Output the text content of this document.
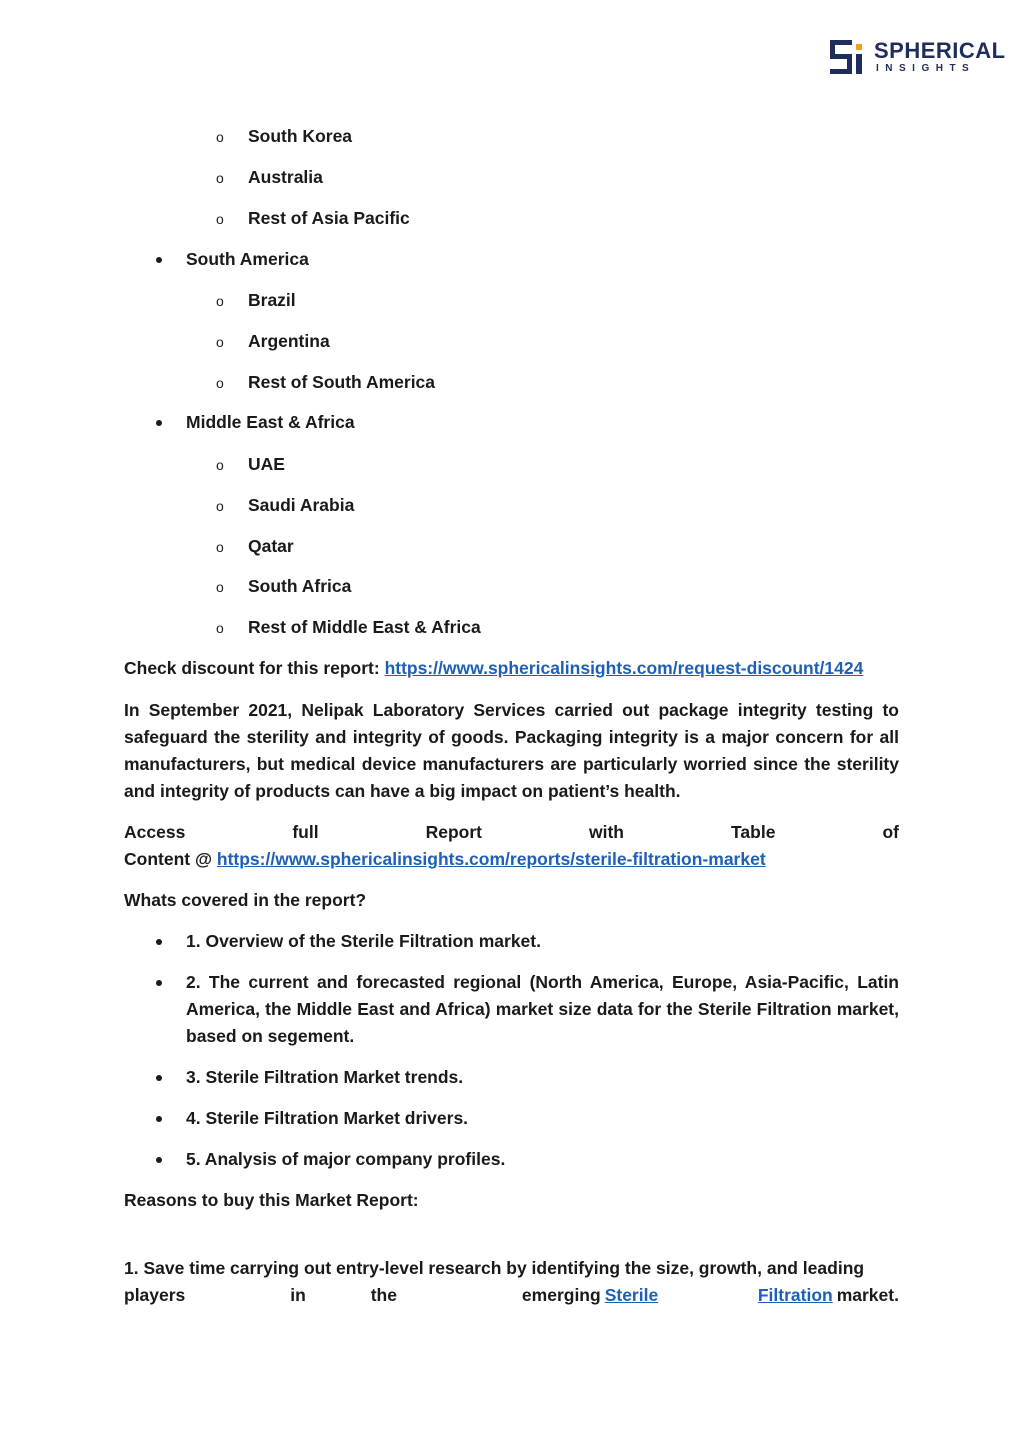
SPHERICAL
INSIGHTS
o South Korea
o Australia
o Rest of Asia Pacific
South America
o Brazil
o Argentina
o Rest of South America
Middle East & Africa
o UAE
o Saudi Arabia
o Qatar
o South Africa
o Rest of Middle East & Africa
Check discount for this report: https://www.sphericalinsights.com/request-discount/1424
In September 2021, Nelipak Laboratory Services carried out package integrity testing to safeguard the sterility and integrity of goods. Packaging integrity is a major concern for all manufacturers, but medical device manufacturers are particularly worried since the sterility and integrity of products can have a big impact on patient’s health.
Access	full	Report	with	Table	of
Content @ https://www.sphericalinsights.com/reports/sterile-filtration-market
Whats covered in the report?
1. Overview of the Sterile Filtration market.
2. The current and forecasted regional (North America, Europe, Asia-Pacific, Latin America, the Middle East and Africa) market size data for the Sterile Filtration market, based on segement.
3. Sterile Filtration Market trends.
4. Sterile Filtration Market drivers.
5. Analysis of major company profiles.
Reasons to buy this Market Report:
1. Save time carrying out entry-level research by identifying the size, growth, and leading
players	in	the	emerging Sterile	Filtration market.
